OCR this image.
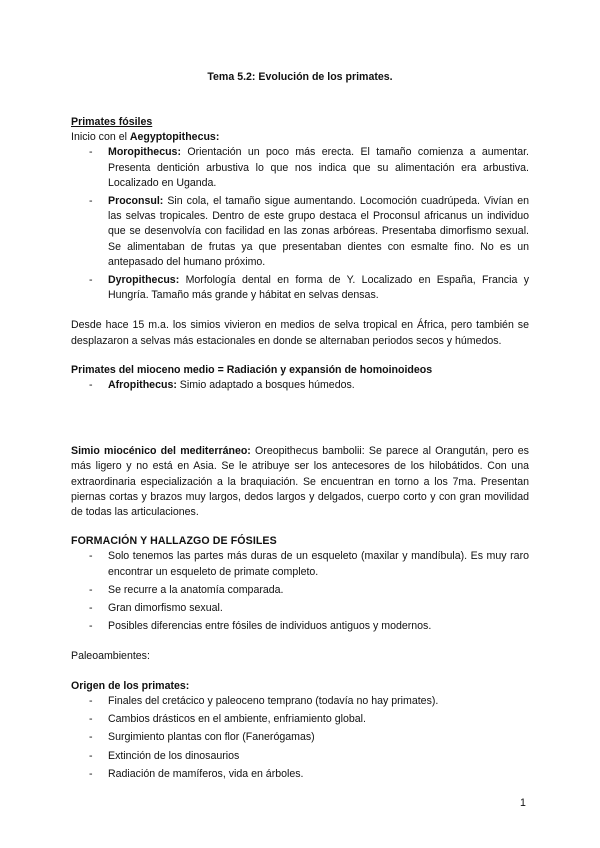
Tema 5.2: Evolución de los primates.

Primates fósiles

Inicio con el Aegyptopithecus:

- Moropithecus: Orientación un poco más erecta. El tamaño comienza a aumentar. Presenta dentición arbustiva lo que nos indica que su alimentación era arbustiva. Localizado en Uganda.
- Proconsul: Sin cola, el tamaño sigue aumentando. Locomoción cuadrúpeda. Vivían en las selvas tropicales. Dentro de este grupo destaca el Proconsul africanus un individuo que se desenvolvía con facilidad en las zonas arbóreas. Presentaba dimorfismo sexual. Se alimentaban de frutas ya que presentaban dientes con esmalte fino. No es un antepasado del humano próximo.
- Dyropithecus: Morfología dental en forma de Y. Localizado en España, Francia y Hungría. Tamaño más grande y hábitat en selvas densas.

Desde hace 15 m.a. los simios vivieron en medios de selva tropical en África, pero también se desplazaron a selvas más estacionales en donde se alternaban periodos secos y húmedos.

Primates del mioceno medio = Radiación y expansión de homoinoideos

- Afropithecus: Simio adaptado a bosques húmedos.

Simio miocénico del mediterráneo: Oreopithecus bambolii: Se parece al Orangután, pero es más ligero y no está en Asia. Se le atribuye ser los antecesores de los hilobátidos. Con una extraordinaria especialización a la braquiación. Se encuentran en torno a los 7ma. Presentan piernas cortas y brazos muy largos, dedos largos y delgados, cuerpo corto y con gran movilidad de todas las articulaciones.

FORMACIÓN Y HALLAZGO DE FÓSILES

- Solo tenemos las partes más duras de un esqueleto (maxilar y mandíbula). Es muy raro encontrar un esqueleto de primate completo.
- Se recurre a la anatomía comparada.
- Gran dimorfismo sexual.
- Posibles diferencias entre fósiles de individuos antiguos y modernos.

Paleoambientes:

Origen de los primates:

- Finales del cretácico y paleoceno temprano (todavía no hay primates).
- Cambios drásticos en el ambiente, enfriamiento global.
- Surgimiento plantas con flor (Fanerógamas)
- Extinción de los dinosaurios
- Radiación de mamíferos, vida en árboles.
1
